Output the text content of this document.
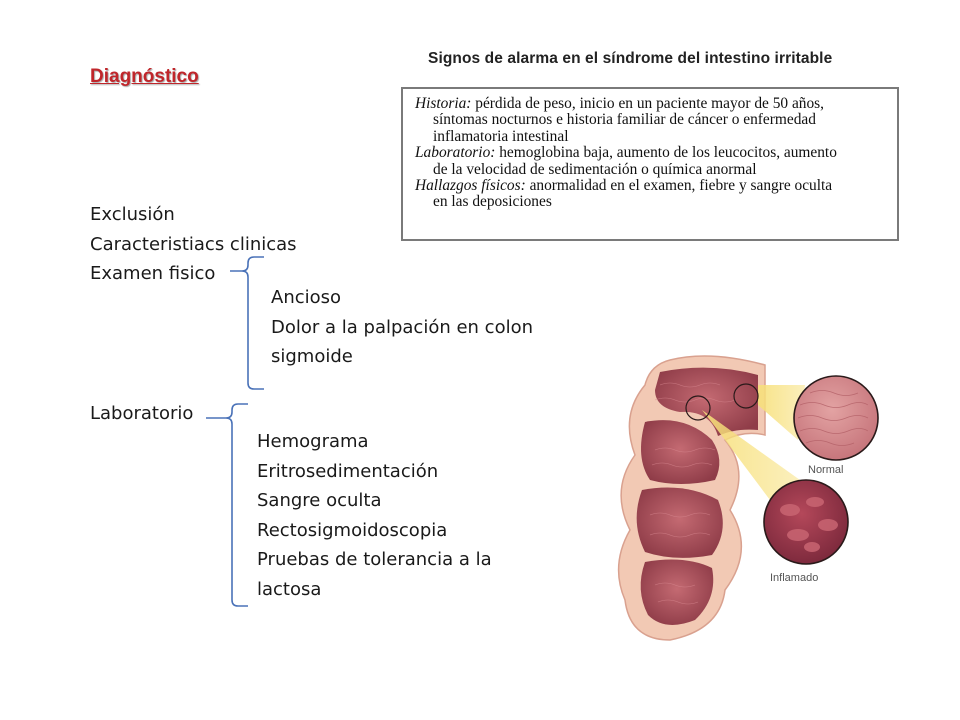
Diagnóstico
Exclusión
Caracteristiacs clinicas
Examen fisico
Ancioso
Dolor a la palpación en colon
sigmoide
Laboratorio
Hemograma
Eritrosedimentación
Sangre oculta
Rectosigmoidoscopia
Pruebas de tolerancia a la
lactosa
Signos de alarma en el síndrome del intestino irritable
Historia: pérdida de peso, inicio en un paciente mayor de 50 años,
síntomas nocturnos e historia familiar de cáncer o enfermedad
inflamatoria intestinal
Laboratorio: hemoglobina baja, aumento de los leucocitos, aumento
de la velocidad de sedimentación o química anormal
Hallazgos físicos: anormalidad en el examen, fiebre y sangre oculta
en las deposiciones
Normal
Inflamado
